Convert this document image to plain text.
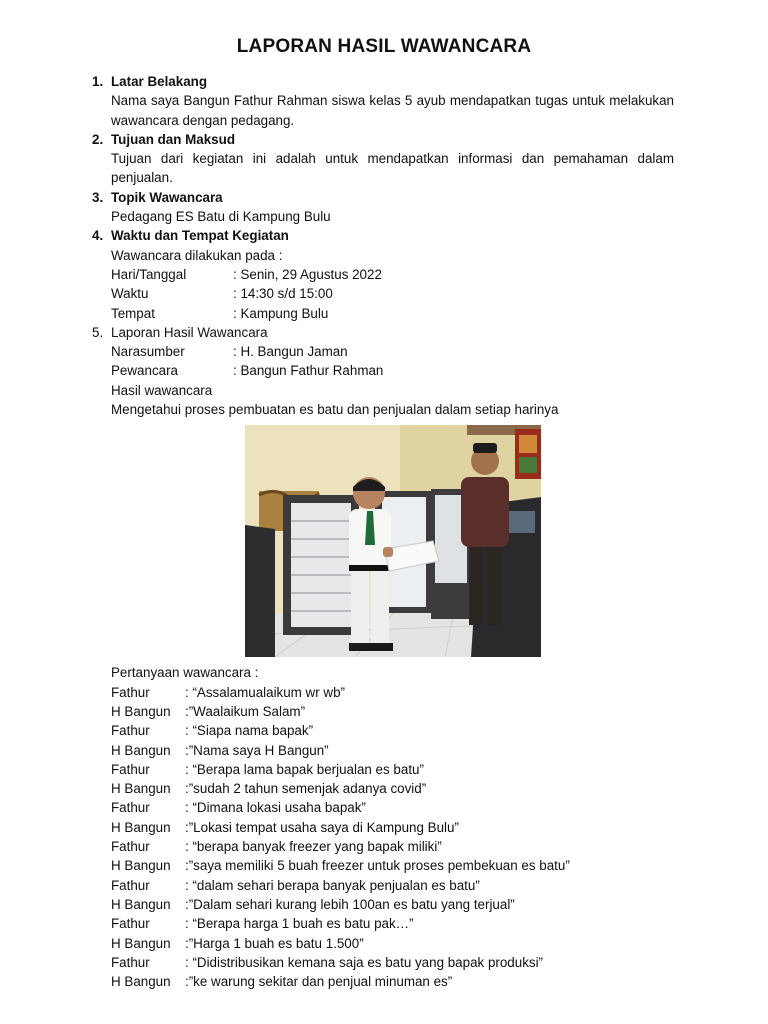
LAPORAN HASIL WAWANCARA
1. Latar Belakang
Nama saya Bangun Fathur Rahman siswa kelas 5 ayub mendapatkan tugas untuk melakukan wawancara dengan pedagang.
2. Tujuan dan Maksud
Tujuan dari kegiatan ini adalah untuk mendapatkan informasi dan pemahaman dalam penjualan.
3. Topik Wawancara
Pedagang ES Batu di Kampung Bulu
4. Waktu dan Tempat Kegiatan
Wawancara dilakukan pada :
Hari/Tanggal	: Senin, 29 Agustus 2022
Waktu	: 14:30 s/d 15:00
Tempat	: Kampung Bulu
5. Laporan Hasil Wawancara
Narasumber	: H. Bangun Jaman
Pewancara	: Bangun Fathur Rahman
Hasil wawancara
Mengetahui proses pembuatan es batu dan penjualan dalam setiap harinya
Pertanyaan wawancara :
Fathur	: “Assalamualaikum wr wb”
H Bangun	:”Waalaikum Salam”
Fathur	: “Siapa nama bapak”
H Bangun	:”Nama saya H Bangun”
Fathur	: “Berapa lama bapak berjualan es batu”
H Bangun	:”sudah 2 tahun semenjak adanya covid”
Fathur	: “Dimana lokasi usaha bapak”
H Bangun	:”Lokasi tempat usaha saya di Kampung Bulu”
Fathur	: “berapa banyak freezer yang bapak miliki”
H Bangun	:”saya memiliki 5 buah freezer untuk proses pembekuan es batu”
Fathur	: “dalam sehari berapa banyak penjualan es batu”
H Bangun	:”Dalam sehari kurang lebih 100an es batu yang terjual”
Fathur	: “Berapa harga 1 buah es batu pak…”
H Bangun	:”Harga 1 buah es batu 1.500”
Fathur	: “Didistribusikan kemana saja es batu yang bapak produksi”
H Bangun	:”ke warung sekitar dan penjual minuman es”
